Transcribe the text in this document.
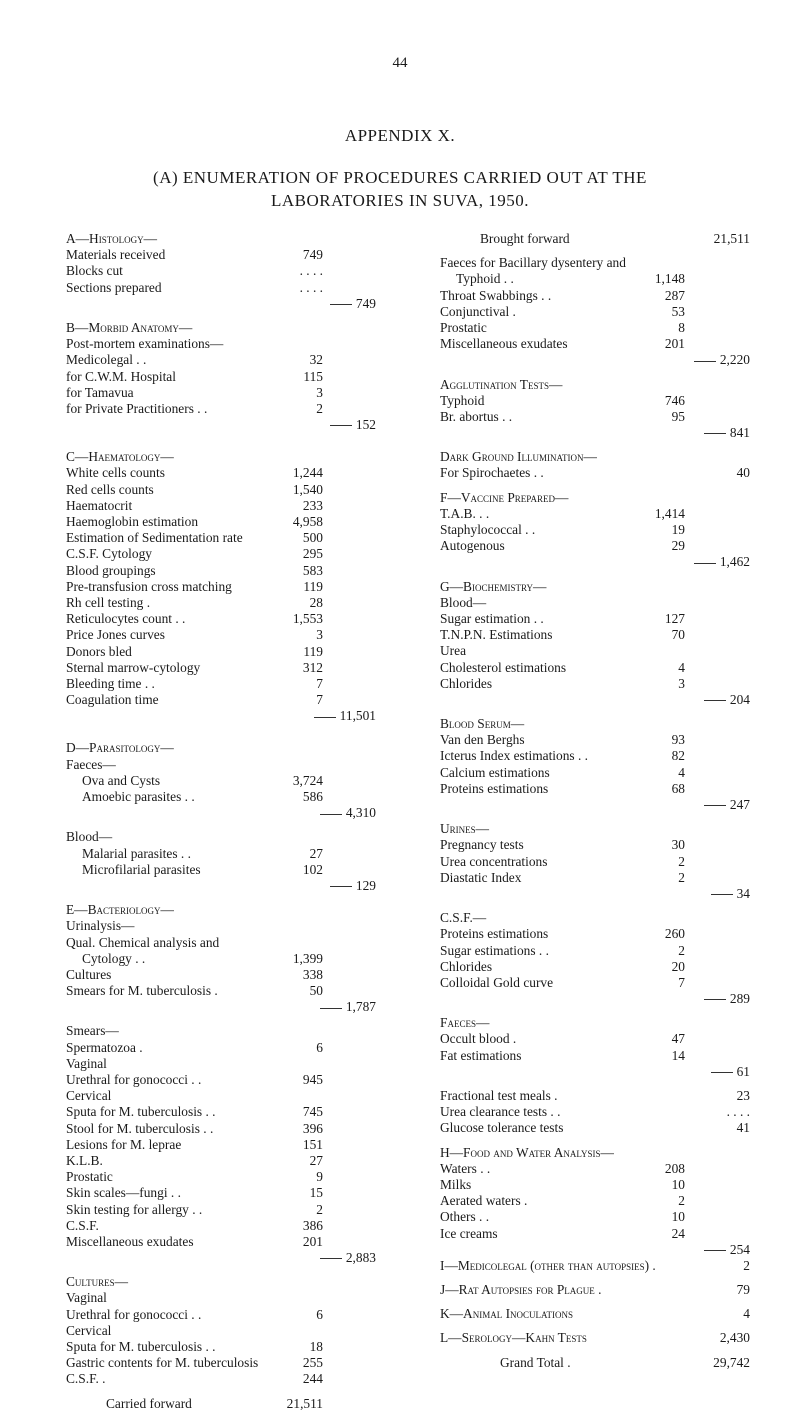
44
APPENDIX X.
(A) ENUMERATION OF PROCEDURES CARRIED OUT AT THE
LABORATORIES IN SUVA, 1950.
A—Histology—
Materials received	749
Blocks cut	. . . .
Sections prepared	. . . .
749
B—Morbid Anatomy—
Post-mortem examinations—
Medicolegal . .	32
for C.W.M. Hospital	115
for Tamavua	3
for Private Practitioners . .	2
152
C—Haematology—
White cells counts	1,244
Red cells counts	1,540
Haematocrit	233
Haemoglobin estimation	4,958
Estimation of Sedimentation rate	500
C.S.F. Cytology	295
Blood groupings	583
Pre-transfusion cross matching	119
Rh cell testing .	28
Reticulocytes count . .	1,553
Price Jones curves	3
Donors bled	119
Sternal marrow-cytology	312
Bleeding time . .	7
Coagulation time	7
11,501
D—Parasitology—
Faeces—
Ova and Cysts	3,724
Amoebic parasites . .	586
4,310
Blood—
Malarial parasites . .	27
Microfilarial parasites	102
129
E—Bacteriology—
Urinalysis—
Qual. Chemical analysis and
Cytology . .	1,399
Cultures	338
Smears for M. tuberculosis .	50
1,787
Smears—
Spermatozoa .	6
Vaginal
Urethral for gonococci . .	945
Cervical
Sputa for M. tuberculosis . .	745
Stool for M. tuberculosis . .	396
Lesions for M. leprae	151
K.L.B.	27
Prostatic	9
Skin scales—fungi . .	15
Skin testing for allergy . .	2
C.S.F.	386
Miscellaneous exudates	201
2,883
Cultures—
Vaginal
Urethral for gonococci . .	6
Cervical
Sputa for M. tuberculosis . .	18
Gastric contents for M. tuberculosis	255
C.S.F. .	244
Carried forward	21,511
Brought forward	21,511
Faeces for Bacillary dysentery and
Typhoid . .	1,148
Throat Swabbings . .	287
Conjunctival .	53
Prostatic	8
Miscellaneous exudates	201
2,220
Agglutination Tests—
Typhoid	746
Br. abortus . .	95
841
Dark Ground Illumination—
For Spirochaetes . .	40
F—Vaccine Prepared—
T.A.B. . .	1,414
Staphylococcal . .	19
Autogenous	29
1,462
G—Biochemistry—
Blood—
Sugar estimation . .	127
T.N.P.N. Estimations	70
Urea
Cholesterol estimations	4
Chlorides	3
204
Blood Serum—
Van den Berghs	93
Icterus Index estimations . .	82
Calcium estimations	4
Proteins estimations	68
247
Urines—
Pregnancy tests	30
Urea concentrations	2
Diastatic Index	2
34
C.S.F.—
Proteins estimations	260
Sugar estimations . .	2
Chlorides	20
Colloidal Gold curve	7
289
Faeces—
Occult blood .	47
Fat estimations	14
61
Fractional test meals .	23
Urea clearance tests . .	. . . .
Glucose tolerance tests	41
H—Food and Water Analysis—
Waters . .	208
Milks	10
Aerated waters .	2
Others . .	10
Ice creams	24
254
I—Medicolegal (other than autopsies) .	2
J—Rat Autopsies for Plague .	79
K—Animal Inoculations	4
L—Serology—Kahn Tests	2,430
Grand Total .	29,742
